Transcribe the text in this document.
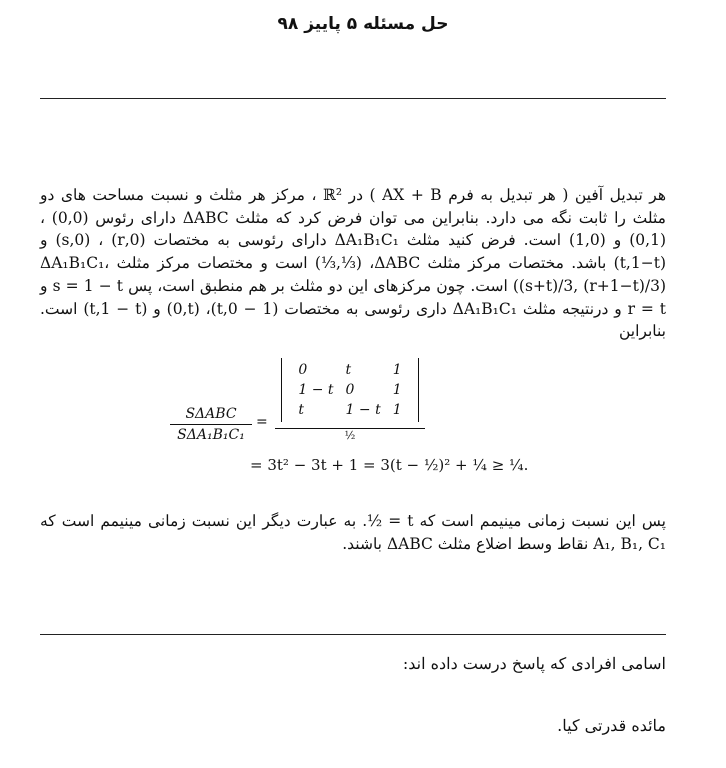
حل مسئله ۵ پاییز ۹۸
هر تبدیل آفین ( هر تبدیل به فرم AX + B ) در ℝ² ، مرکز هر مثلث و نسبت مساحت های دو مثلث را ثابت نگه می دارد. بنابراین می توان فرض کرد که مثلث ΔABC دارای رئوس (0,0) ، (0,1) و (1,0) است. فرض کنید مثلث ΔA₁B₁C₁ دارای رئوسی به مختصات (0,r) ، (s,0) و (t,1−t) باشد. مختصات مرکز مثلث ΔABC، (⅓,⅓) است و مختصات مرکز مثلث ΔA₁B₁C₁، ((s+t)/3, (r+1−t)/3) است. چون مرکزهای این دو مثلث بر هم منطبق است، پس s = 1 − t و r = t و درنتیجه مثلث ΔA₁B₁C₁ داری رئوسی به مختصات (1 − t,0)، (0,t) و (t,1 − t) است. بنابراین
SΔABC
SΔA₁B₁C₁
=
0	t	1
1 − t	0	1
t	1 − t	1
½
= 3t² − 3t + 1 = 3(t − ½)² + ¼ ≥ ¼.
پس این نسبت زمانی مینیمم است که t = ½. به عبارت دیگر این نسبت زمانی مینیمم است که A₁, B₁, C₁ نقاط وسط اضلاع مثلث ΔABC باشند.
اسامی افرادی که پاسخ درست داده اند:
مائده قدرتی کیا.
